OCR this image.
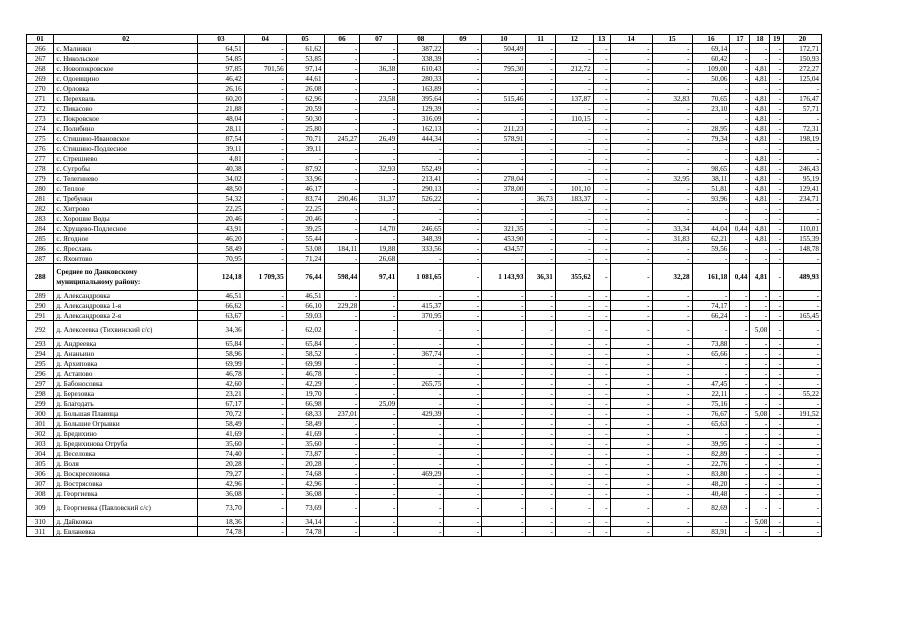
01	02	03	04	05	06	07	08	09	10	11	12	13	14	15	16	17	18	19	20
266	с. Малинки	64,51	-	61,62	-	-	387,22	-	504,49	-	-	-	-	-	69,14	-	-	-	172,71
267	с. Никольское	54,85	-	53,85	-	-	338,39	-	-	-	-	-	-	-	60,42	-	-	-	150,93
268	с. Новопокровское	97,85	701,56	97,14	-	36,38	610,43	-	795,30	-	212,72	-	-	-	109,00	-	4,81	-	272,27
269	с. Одоевщино	46,42	-	44,61	-	-	280,33	-	-	-	-	-	-	-	50,06	-	4,81	-	125,04
270	с. Орловка	26,16	-	26,08	-	-	163,89	-	-	-	-	-	-	-	-	-	-	-	-
271	с. Перехваль	60,20	-	62,96	-	23,58	395,64	-	515,46	-	137,87	-	-	32,83	70,65	-	4,81	-	176,47
272	с. Пикасово	21,88	-	20,59	-	-	129,39	-	-	-	-	-	-	-	23,10	-	4,81	-	57,71
273	с. Покровское	48,04	-	50,30	-	-	316,09	-	-	-	110,15	-	-	-	-	-	4,81	-	-
274	с. Полибино	28,11	-	25,80	-	-	162,13	-	211,23	-	-	-	-	-	28,95	-	4,81	-	72,31
275	с. Стишино-Ивановское	87,54	-	70,71	245,27	26,49	444,34	-	578,91	-	-	-	-	-	79,34	-	4,81	-	198,19
276	с. Стишино-Подлесное	39,11	-	39,11	-	-	-	-	-	-	-	-	-	-	-	-	-	-	-
277	с. Стрешнево	4,81	-	-	-	-	-	-	-	-	-	-	-	-	-	-	4,81	-	-
278	с. Сугробы	40,38	-	87,92	-	32,93	552,49	-	-	-	-	-	-	-	98,65	-	4,81	-	246,43
279	с. Телегинево	34,02	-	33,96	-	-	213,41	-	278,04	-	-	-	-	32,95	38,11	-	4,81	-	95,19
280	с. Теплое	48,50	-	46,17	-	-	290,13	-	378,00	-	101,10	-	-	-	51,81	-	4,81	-	129,41
281	с. Требунки	54,32	-	83,74	290,46	31,37	526,22	-	-	36,73	183,37	-	-	-	93,96	-	4,81	-	234,71
282	с. Хитрово	22,25	-	22,25	-	-	-	-	-	-	-	-	-	-	-	-	-	-	-
283	с. Хорошие Воды	20,46	-	20,46	-	-	-	-	-	-	-	-	-	-	-	-	-	-	-
284	с. Хрущево-Подлесное	43,91	-	39,25	-	14,70	246,65	-	321,35	-	-	-	-	33,34	44,04	0,44	4,81	-	110,01
285	с. Ягодное	46,20	-	55,44	-	-	348,39	-	453,90	-	-	-	-	31,83	62,21	-	4,81	-	155,39
286	с. Яреслань	58,49	-	53,08	184,11	19,88	333,56	-	434,57	-	-	-	-	-	59,56	-	-	-	148,78
287	с. Яхонтово	70,95	-	71,24	-	26,68	-	-	-	-	-	-	-	-	-	-	-	-	-
288	Среднее по Данковскому муниципальному району:	124,18	1 709,35	76,44	598,44	97,41	1 081,65	-	1 143,93	36,31	355,62	-	-	32,28	161,18	0,44	4,81	-	489,93
289	д. Александровка	46,51	-	46,51	-	-	-	-	-	-	-	-	-	-	-	-	-	-	-
290	д. Александровка 1-я	66,62	-	66,10	229,28	-	415,37	-	-	-	-	-	-	-	74,17	-	-	-	-
291	д. Александровка 2-я	63,67	-	59,03	-	-	370,95	-	-	-	-	-	-	-	66,24	-	-	-	165,45
292	д. Алексеевка (Тихвинский с/с)	34,36	-	62,02	-	-	-	-	-	-	-	-	-	-	-	-	5,08	-	-
293	д. Андреевка	65,84	-	65,84	-	-	-	-	-	-	-	-	-	-	73,88	-	-	-	-
294	д. Ананьино	58,96	-	58,52	-	-	367,74	-	-	-	-	-	-	-	65,66	-	-	-	-
295	д. Архиповка	69,99	-	69,99	-	-	-	-	-	-	-	-	-	-	-	-	-	-	-
296	д. Астапово	46,78	-	46,78	-	-	-	-	-	-	-	-	-	-	-	-	-	-	-
297	д. Бабоносовка	42,60	-	42,29	-	-	265,75	-	-	-	-	-	-	-	47,45	-	-	-	-
298	д. Березовка	23,21	-	19,70	-	-	-	-	-	-	-	-	-	-	22,11	-	-	-	55,22
299	д. Благодать	67,17	-	66,98	-	25,09	-	-	-	-	-	-	-	-	75,16	-	-	-	-
300	д. Большая Плавица	70,72	-	68,33	237,01	-	429,39	-	-	-	-	-	-	-	76,67	-	5,08	-	191,52
301	д. Большие Огрывки	58,49	-	58,49	-	-	-	-	-	-	-	-	-	-	65,63	-	-	-	-
302	д. Бредихино	41,69	-	41,69	-	-	-	-	-	-	-	-	-	-	-	-	-	-	-
303	д. Бредихинова Отруба	35,60	-	35,60	-	-	-	-	-	-	-	-	-	-	39,95	-	-	-	-
304	д. Веселовка	74,40	-	73,87	-	-	-	-	-	-	-	-	-	-	82,89	-	-	-	-
305	д. Воля	20,28	-	20,28	-	-	-	-	-	-	-	-	-	-	22,76	-	-	-	-
306	д. Воскресеновка	79,27	-	74,68	-	-	469,29	-	-	-	-	-	-	-	83,80	-	-	-	-
307	д. Вострясовка	42,96	-	42,96	-	-	-	-	-	-	-	-	-	-	48,20	-	-	-	-
308	д. Георгиевка	36,08	-	36,08	-	-	-	-	-	-	-	-	-	-	40,48	-	-	-	-
309	д. Георгиевка (Павловский с/с)	73,70	-	73,69	-	-	-	-	-	-	-	-	-	-	82,69	-	-	-	-
310	д. Дайковка	18,36	-	34,14	-	-	-	-	-	-	-	-	-	-	-	-	5,08	-	-
311	д. Евланевка	74,78	-	74,78	-	-	-	-	-	-	-	-	-	-	83,91	-	-	-	-
